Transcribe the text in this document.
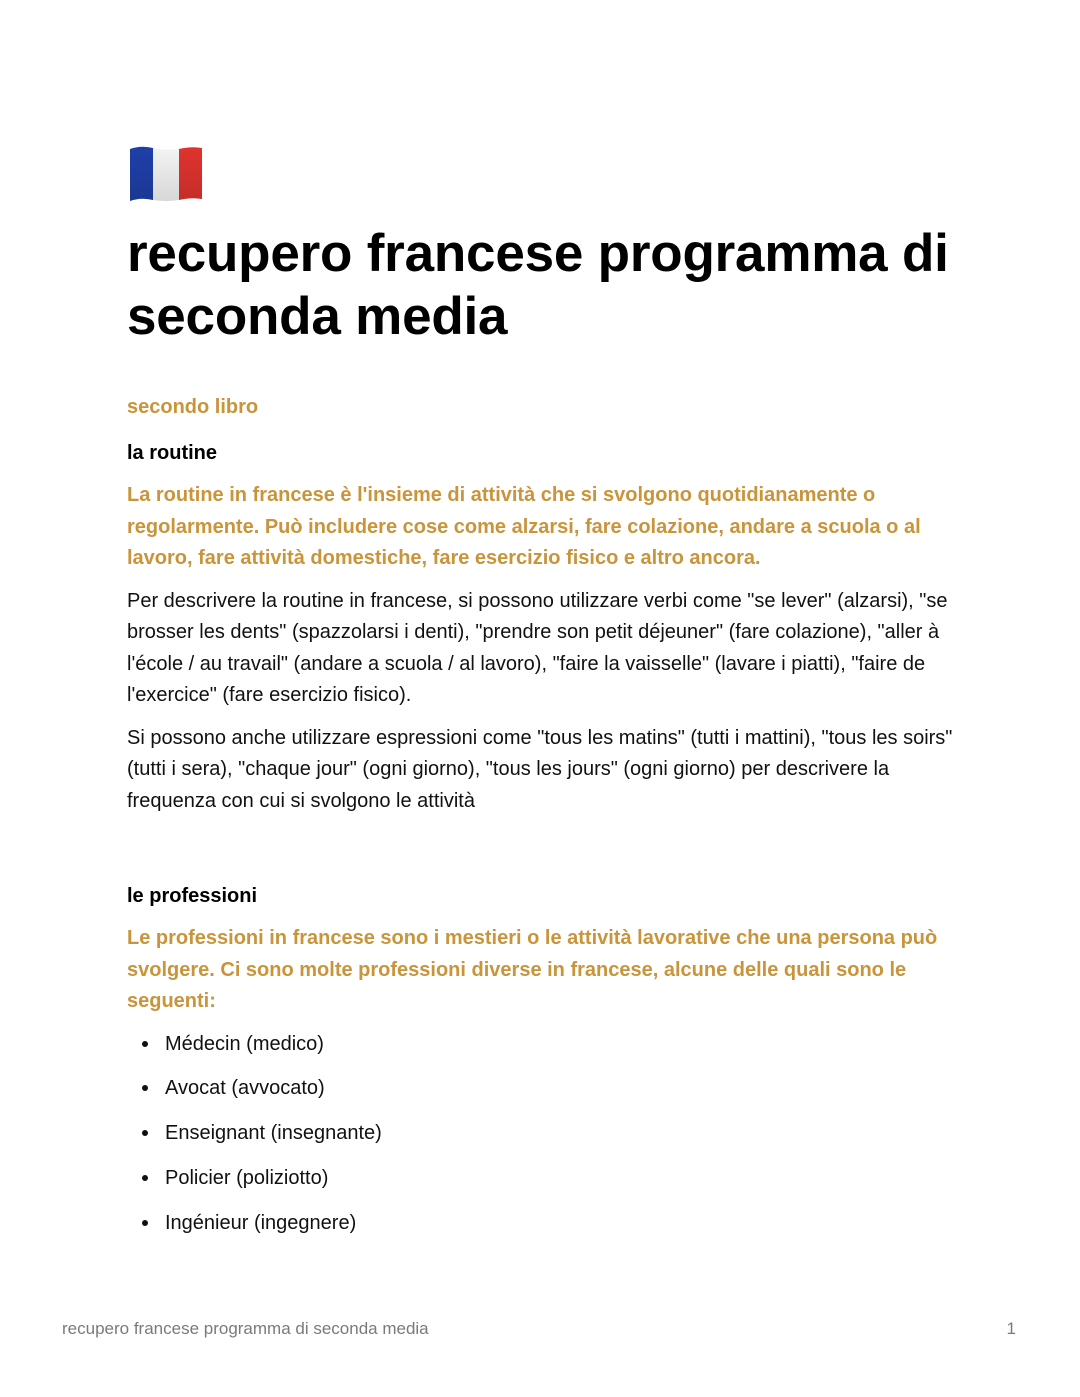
recupero francese programma di seconda media
secondo libro
la routine

La routine in francese è l'insieme di attività che si svolgono quotidianamente o regolarmente. Può includere cose come alzarsi, fare colazione, andare a scuola o al lavoro, fare attività domestiche, fare esercizio fisico e altro ancora.

Per descrivere la routine in francese, si possono utilizzare verbi come "se lever" (alzarsi), "se brosser les dents" (spazzolarsi i denti), "prendre son petit déjeuner" (fare colazione), "aller à l'école / au travail" (andare a scuola / al lavoro), "faire la vaisselle" (lavare i piatti), "faire de l'exercice" (fare esercizio fisico).

Si possono anche utilizzare espressioni come "tous les matins" (tutti i mattini), "tous les soirs" (tutti i sera), "chaque jour" (ogni giorno), "tous les jours" (ogni giorno) per descrivere la frequenza con cui si svolgono le attività

le professioni

Le professioni in francese sono i mestieri o le attività lavorative che una persona può svolgere. Ci sono molte professioni diverse in francese, alcune delle quali sono le seguenti:

Médecin (medico)
Avocat (avvocato)
Enseignant (insegnante)
Policier (poliziotto)
Ingénieur (ingegnere)
recupero francese programma di seconda media	1
